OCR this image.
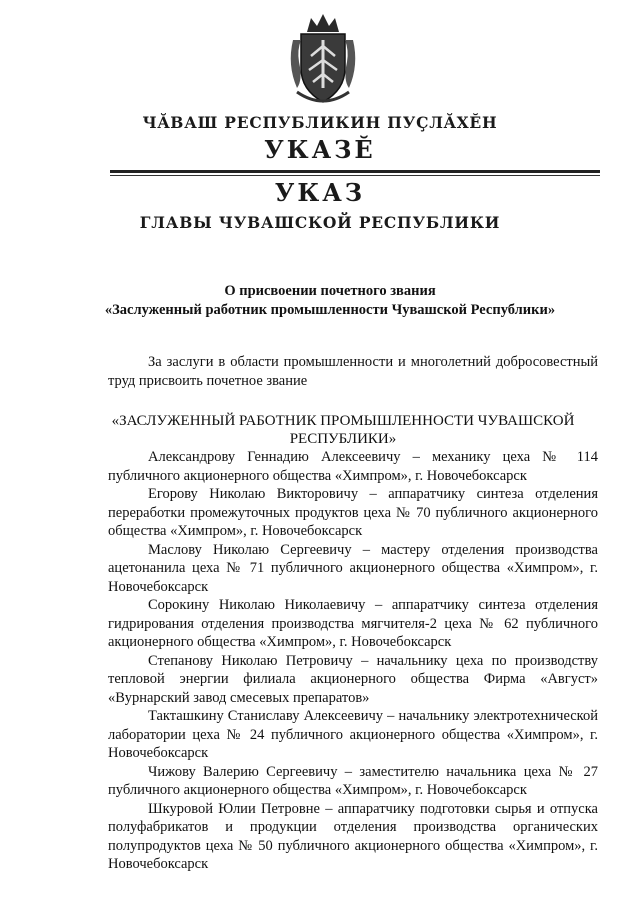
ЧĂВАШ РЕСПУБЛИКИН ПУÇЛĂХĔН
УКАЗĔ
УКАЗ
ГЛАВЫ ЧУВАШСКОЙ РЕСПУБЛИКИ
О присвоении почетного звания
«Заслуженный работник промышленности Чувашской Республики»

За заслуги в области промышленности и многолетний добросовестный труд присвоить почетное звание

«ЗАСЛУЖЕННЫЙ РАБОТНИК ПРОМЫШЛЕННОСТИ ЧУВАШСКОЙ РЕСПУБЛИКИ»

Александрову Геннадию Алексеевичу – механику цеха № 114 публичного акционерного общества «Химпром», г. Новочебоксарск

Егорову Николаю Викторовичу – аппаратчику синтеза отделения переработки промежуточных продуктов цеха № 70 публичного акционерного общества «Химпром», г. Новочебоксарск

Маслову Николаю Сергеевичу – мастеру отделения производства ацетонанила цеха № 71 публичного акционерного общества «Химпром», г. Новочебоксарск

Сорокину Николаю Николаевичу – аппаратчику синтеза отделения гидрирования отделения производства мягчителя-2 цеха № 62 публичного акционерного общества «Химпром», г. Новочебоксарск

Степанову Николаю Петровичу – начальнику цеха по производству тепловой энергии филиала акционерного общества Фирма «Август» «Вурнарский завод смесевых препаратов»

Такташкину Станиславу Алексеевичу – начальнику электротехнической лаборатории цеха № 24 публичного акционерного общества «Химпром», г. Новочебоксарск

Чижову Валерию Сергеевичу – заместителю начальника цеха № 27 публичного акционерного общества «Химпром», г. Новочебоксарск

Шкуровой Юлии Петровне – аппаратчику подготовки сырья и отпуска полуфабрикатов и продукции отделения производства органических полупродуктов цеха № 50 публичного акционерного общества «Химпром», г. Новочебоксарск
